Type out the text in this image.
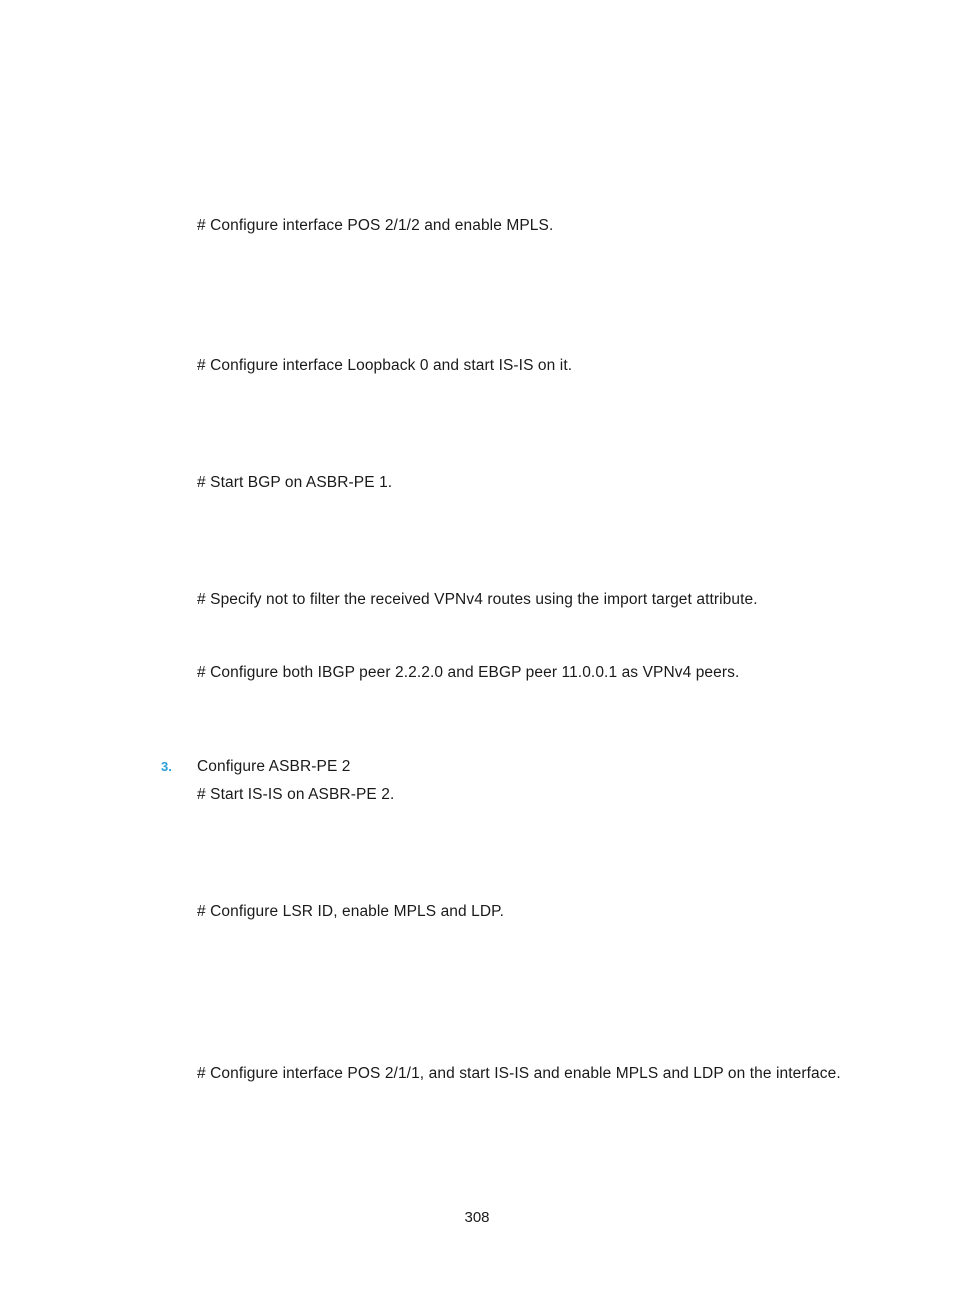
# Configure interface POS 2/1/2 and enable MPLS.
# Configure interface Loopback 0 and start IS-IS on it.
# Start BGP on ASBR-PE 1.
# Specify not to filter the received VPNv4 routes using the import target attribute.
# Configure both IBGP peer 2.2.2.0 and EBGP peer 11.0.0.1 as VPNv4 peers.
3. Configure ASBR-PE 2
# Start IS-IS on ASBR-PE 2.
# Configure LSR ID, enable MPLS and LDP.
# Configure interface POS 2/1/1, and start IS-IS and enable MPLS and LDP on the interface.
308
